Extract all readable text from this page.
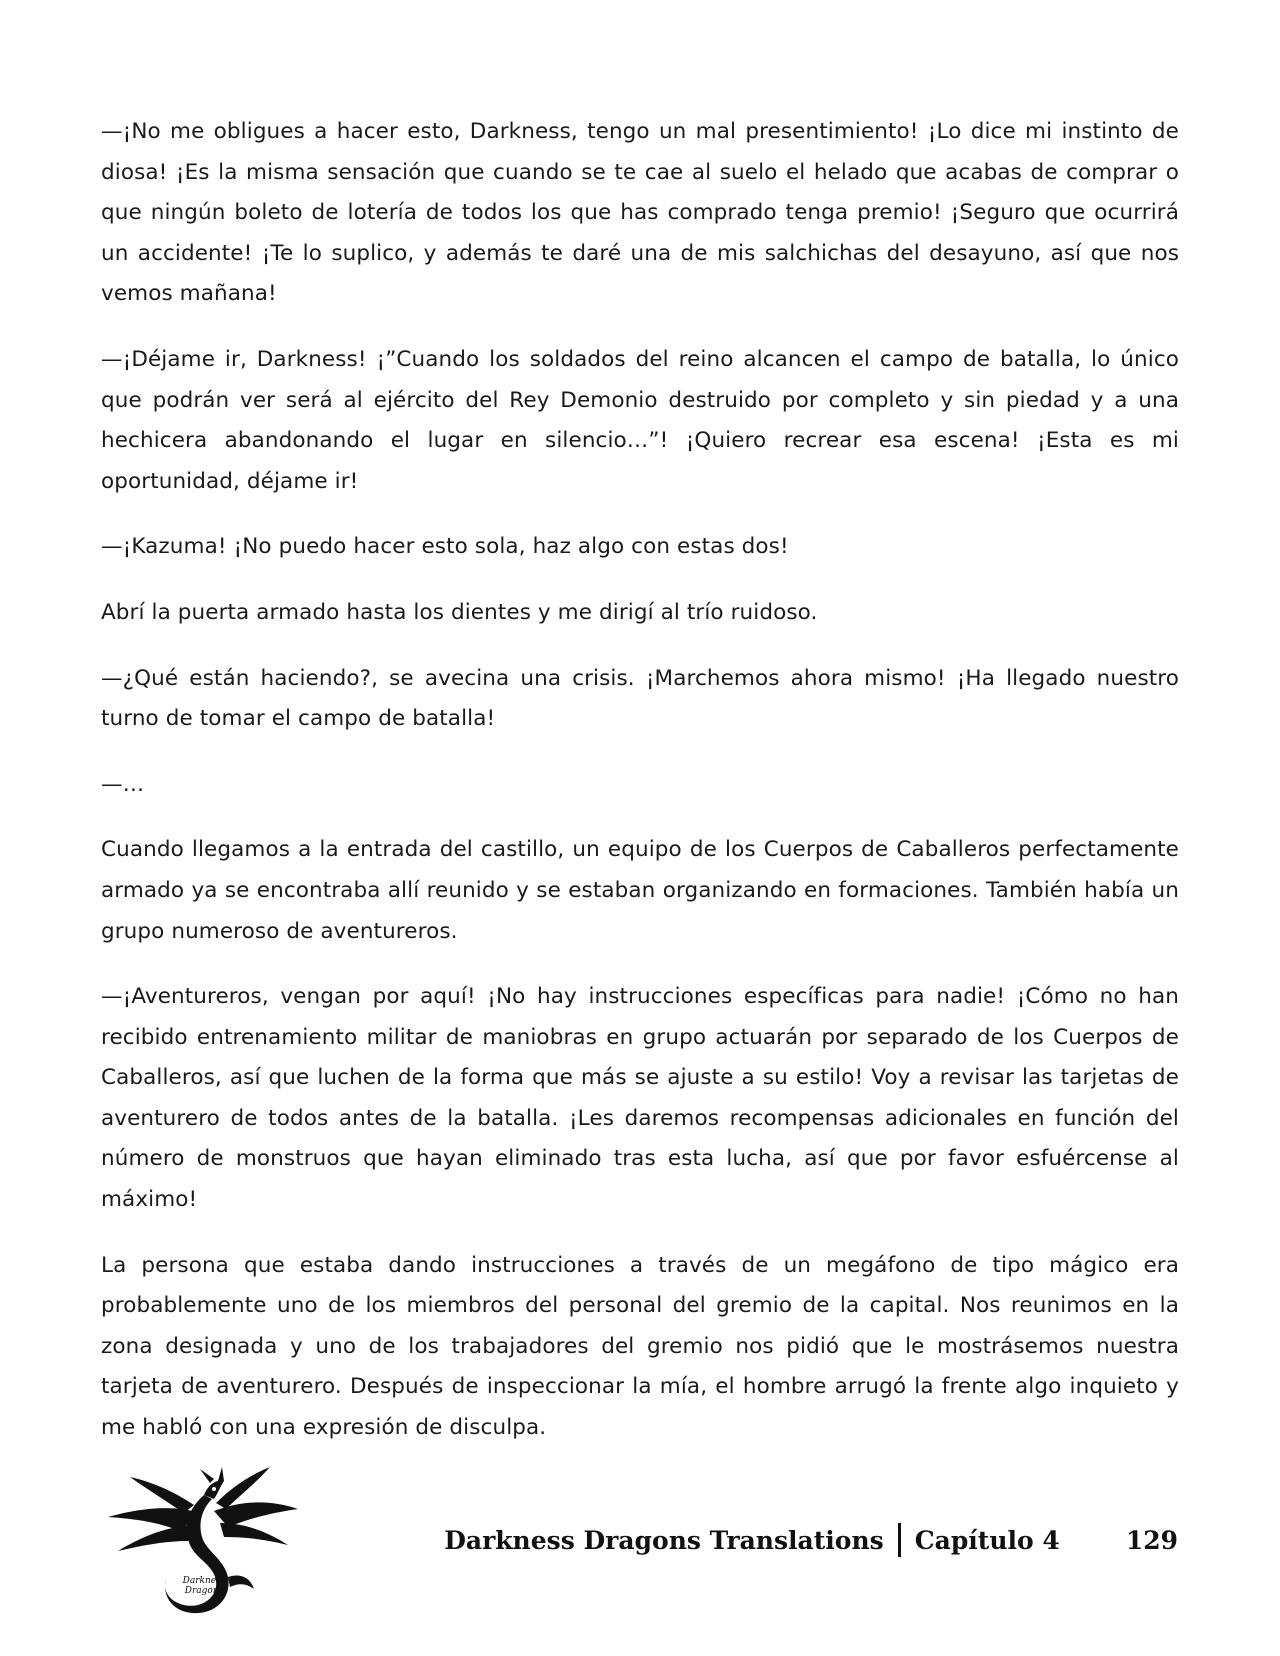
—¡No me obligues a hacer esto, Darkness, tengo un mal presentimiento! ¡Lo dice mi instinto de diosa! ¡Es la misma sensación que cuando se te cae al suelo el helado que acabas de comprar o que ningún boleto de lotería de todos los que has comprado tenga premio! ¡Seguro que ocurrirá un accidente! ¡Te lo suplico, y además te daré una de mis salchichas del desayuno, así que nos vemos mañana!

—¡Déjame ir, Darkness! ¡”Cuando los soldados del reino alcancen el campo de batalla, lo único que podrán ver será al ejército del Rey Demonio destruido por completo y sin piedad y a una hechicera abandonando el lugar en silencio…”! ¡Quiero recrear esa escena! ¡Esta es mi oportunidad, déjame ir!

—¡Kazuma! ¡No puedo hacer esto sola, haz algo con estas dos!

Abrí la puerta armado hasta los dientes y me dirigí al trío ruidoso.

—¿Qué están haciendo?, se avecina una crisis. ¡Marchemos ahora mismo! ¡Ha llegado nuestro turno de tomar el campo de batalla!

—…

Cuando llegamos a la entrada del castillo, un equipo de los Cuerpos de Caballeros perfectamente armado ya se encontraba allí reunido y se estaban organizando en formaciones. También había un grupo numeroso de aventureros.

—¡Aventureros, vengan por aquí! ¡No hay instrucciones específicas para nadie! ¡Cómo no han recibido entrenamiento militar de maniobras en grupo actuarán por separado de los Cuerpos de Caballeros, así que luchen de la forma que más se ajuste a su estilo! Voy a revisar las tarjetas de aventurero de todos antes de la batalla. ¡Les daremos recompensas adicionales en función del número de monstruos que hayan eliminado tras esta lucha, así que por favor esfuércense al máximo!

La persona que estaba dando instrucciones a través de un megáfono de tipo mágico era probablemente uno de los miembros del personal del gremio de la capital. Nos reunimos en la zona designada y uno de los trabajadores del gremio nos pidió que le mostrásemos nuestra tarjeta de aventurero. Después de inspeccionar la mía, el hombre arrugó la frente algo inquieto y me habló con una expresión de disculpa.

Darkness
Dragons
Darkness Dragons Translations Capítulo 4	129
